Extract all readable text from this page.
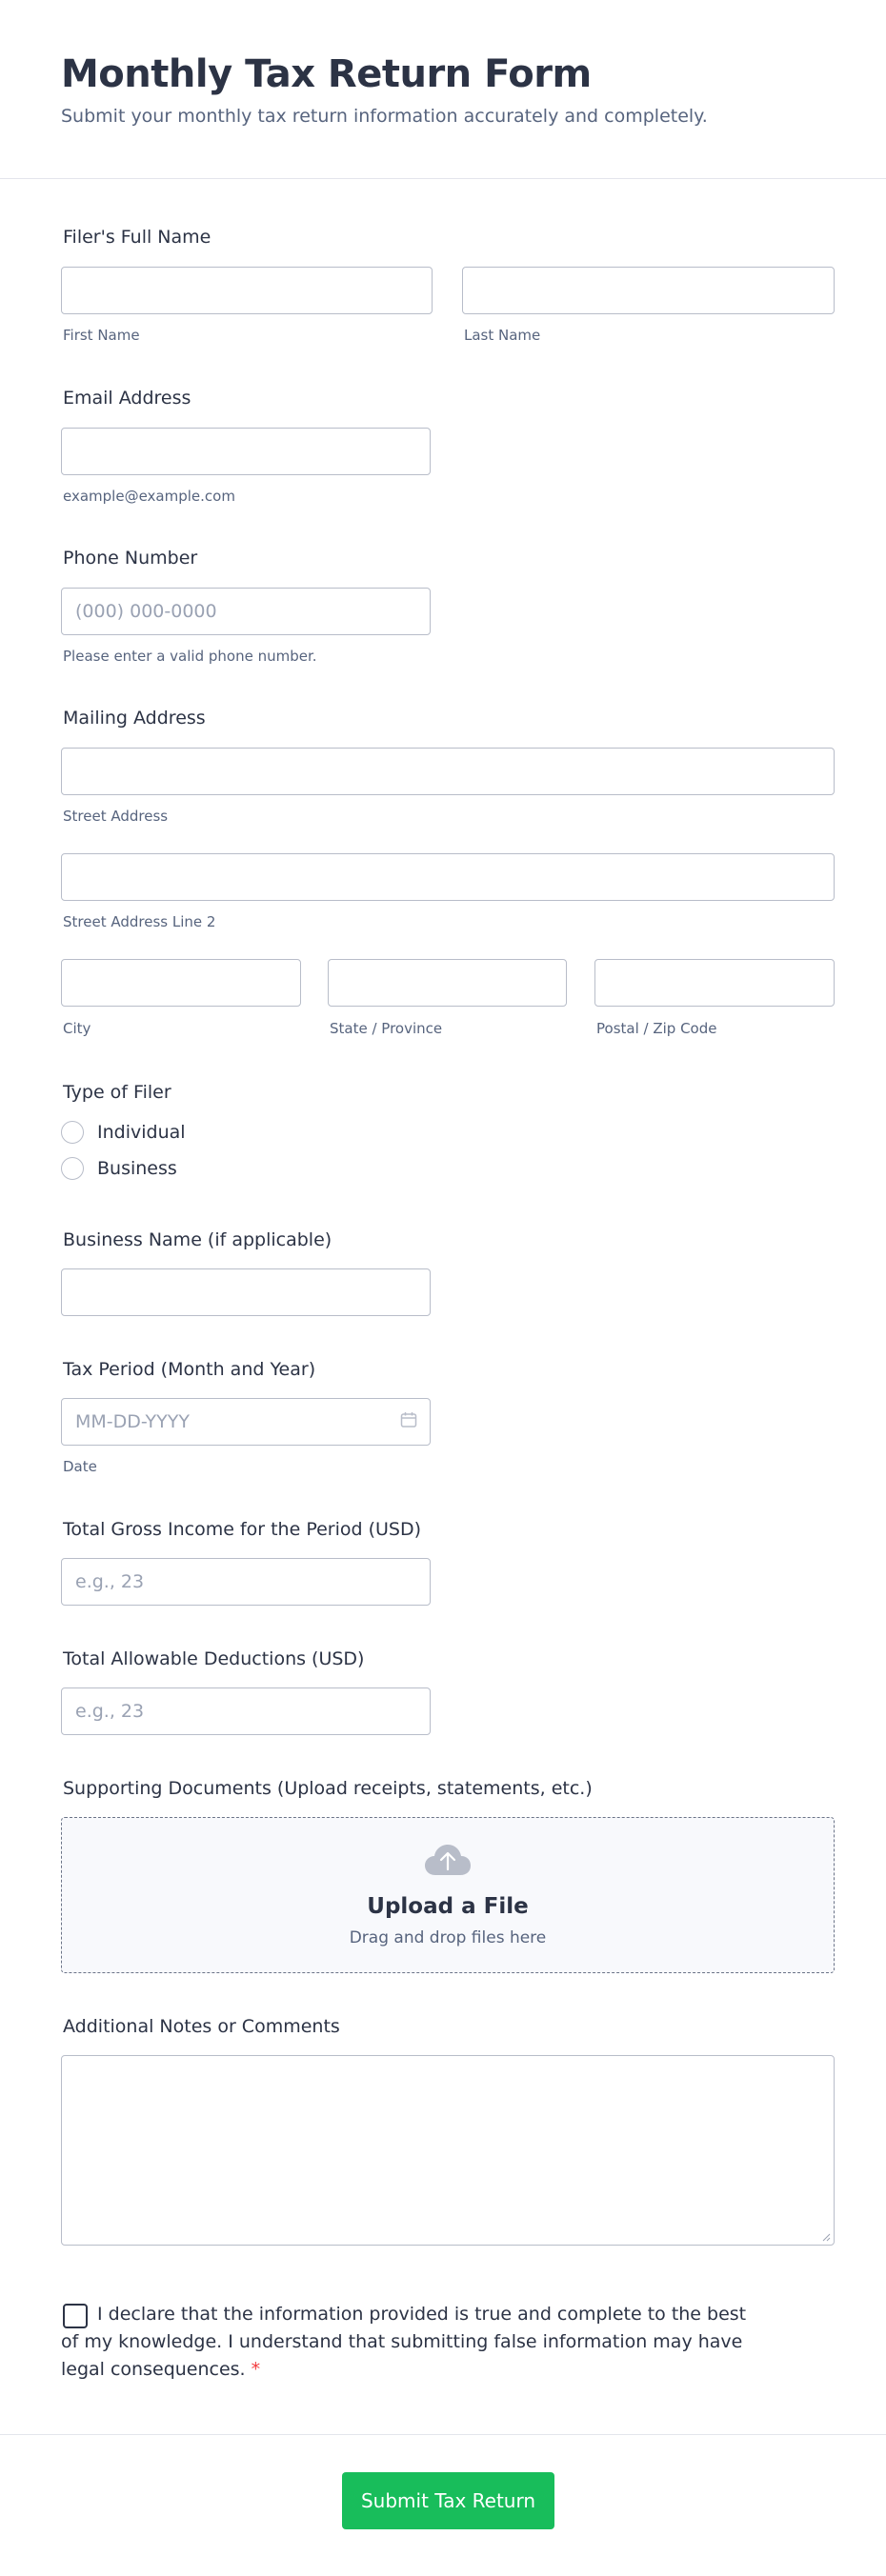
Monthly Tax Return Form
Submit your monthly tax return information accurately and completely.
Filer's Full Name
First Name	Last Name
Email Address
example@example.com
Phone Number
(000) 000-0000
Please enter a valid phone number.
Mailing Address
Street Address
Street Address Line 2
City	State / Province	Postal / Zip Code
Type of Filer
Individual
Business
Business Name (if applicable)
Tax Period (Month and Year)
MM-DD-YYYY
Date
Total Gross Income for the Period (USD)
e.g., 23
Total Allowable Deductions (USD)
e.g., 23
Supporting Documents (Upload receipts, statements, etc.)
Upload a File
Drag and drop files here
Additional Notes or Comments
I declare that the information provided is true and complete to the best of my knowledge. I understand that submitting false information may have legal consequences. *
Submit Tax Return
